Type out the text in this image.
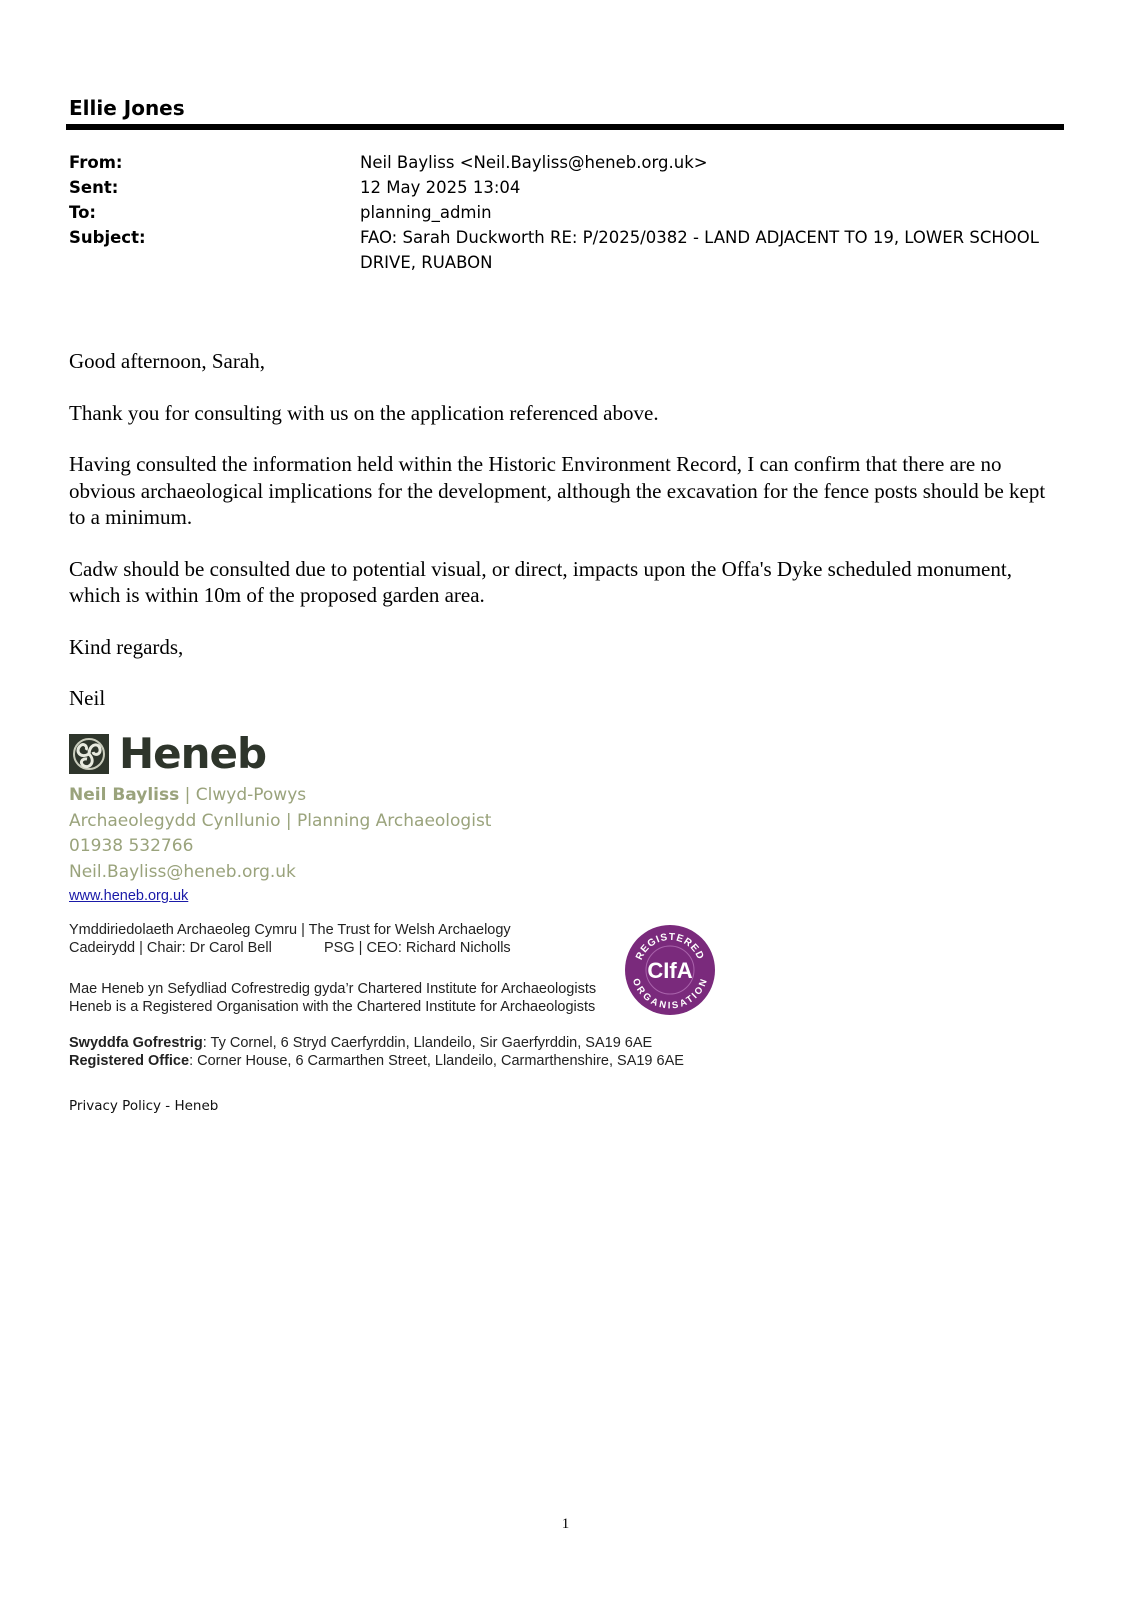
Ellie Jones
From:	Neil Bayliss <Neil.Bayliss@heneb.org.uk>
Sent:	12 May 2025 13:04
To:	planning_admin
Subject:	FAO: Sarah Duckworth RE: P/2025/0382 - LAND ADJACENT TO 19, LOWER SCHOOL DRIVE, RUABON

Good afternoon, Sarah,

Thank you for consulting with us on the application referenced above.

Having consulted the information held within the Historic Environment Record, I can confirm that there are no obvious archaeological implications for the development, although the excavation for the fence posts should be kept to a minimum.

Cadw should be consulted due to potential visual, or direct, impacts upon the Offa's Dyke scheduled monument, which is within 10m of the proposed garden area.

Kind regards,

Neil

Heneb
Neil Bayliss | Clwyd-Powys
Archaeolegydd Cynllunio | Planning Archaeologist
01938 532766
Neil.Bayliss@heneb.org.uk
www.heneb.org.uk
Ymddiriedolaeth Archaeoleg Cymru | The Trust for Welsh Archaelogy
Cadeirydd | Chair: Dr Carol Bell	PSG | CEO: Richard Nicholls
Mae Heneb yn Sefydliad Cofrestredig gyda’r Chartered Institute for Archaeologists
Heneb is a Registered Organisation with the Chartered Institute for Archaeologists
REGISTERED
ORGANISATION
CIfA
Swyddfa Gofrestrig: Ty Cornel, 6 Stryd Caerfyrddin, Llandeilo, Sir Gaerfyrddin, SA19 6AE
Registered Office: Corner House, 6 Carmarthen Street, Llandeilo, Carmarthenshire, SA19 6AE
Privacy Policy - Heneb
1
